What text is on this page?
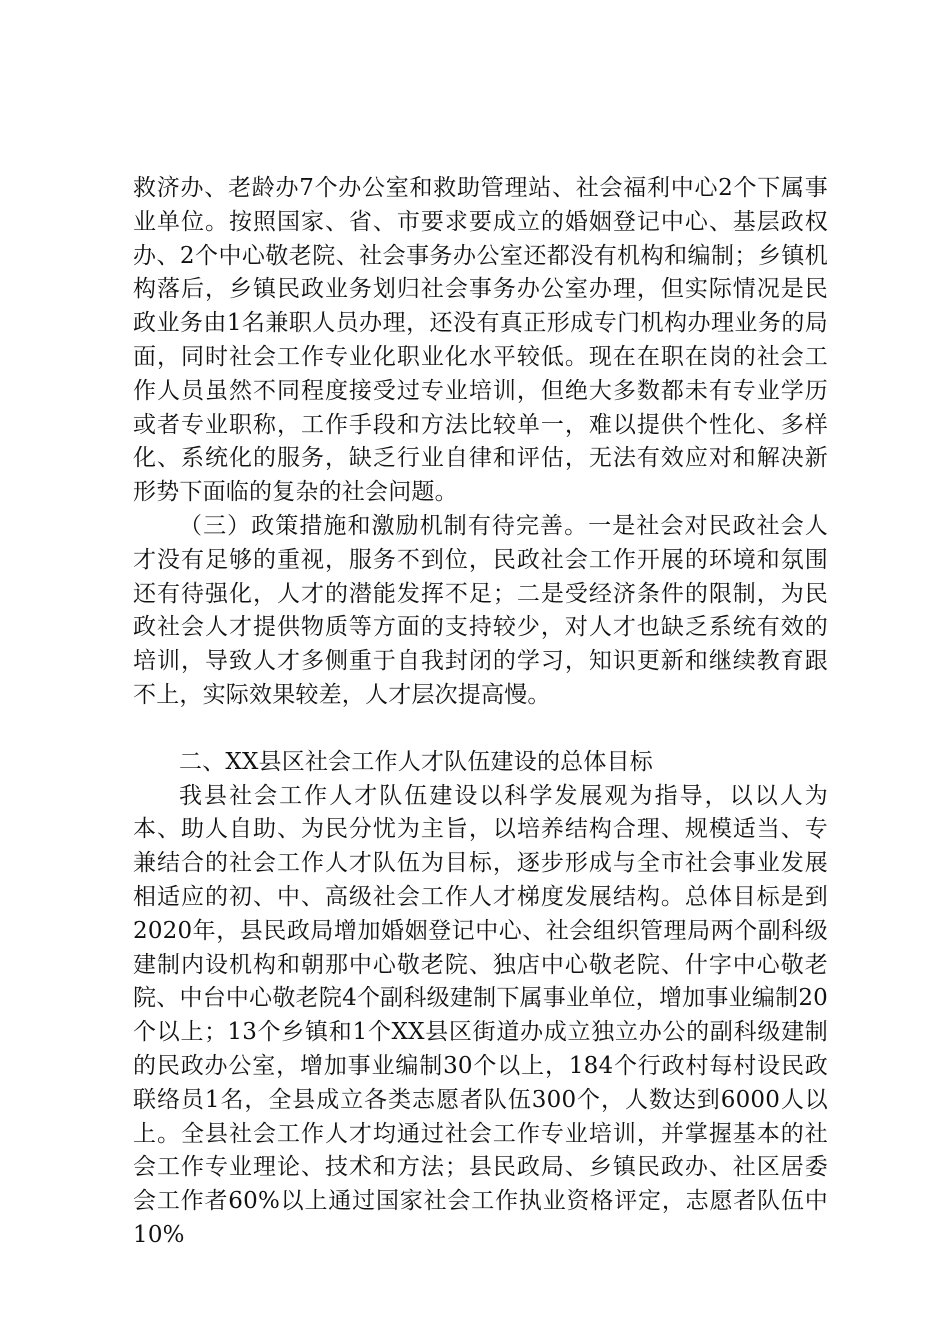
救济办、老龄办7个办公室和救助管理站、社会福利中心2个下属事业单位。按照国家、省、市要求要成立的婚姻登记中心、基层政权办、2个中心敬老院、社会事务办公室还都没有机构和编制；乡镇机构落后，乡镇民政业务划归社会事务办公室办理，但实际情况是民政业务由1名兼职人员办理，还没有真正形成专门机构办理业务的局面，同时社会工作专业化职业化水平较低。现在在职在岗的社会工作人员虽然不同程度接受过专业培训，但绝大多数都未有专业学历或者专业职称，工作手段和方法比较单一，难以提供个性化、多样化、系统化的服务，缺乏行业自律和评估，无法有效应对和解决新形势下面临的复杂的社会问题。

（三）政策措施和激励机制有待完善。一是社会对民政社会人才没有足够的重视，服务不到位，民政社会工作开展的环境和氛围还有待强化，人才的潜能发挥不足；二是受经济条件的限制，为民政社会人才提供物质等方面的支持较少，对人才也缺乏系统有效的培训，导致人才多侧重于自我封闭的学习，知识更新和继续教育跟不上，实际效果较差，人才层次提高慢。

二、XX县区社会工作人才队伍建设的总体目标

我县社会工作人才队伍建设以科学发展观为指导，以以人为本、助人自助、为民分忧为主旨，以培养结构合理、规模适当、专兼结合的社会工作人才队伍为目标，逐步形成与全市社会事业发展相适应的初、中、高级社会工作人才梯度发展结构。总体目标是到2020年，县民政局增加婚姻登记中心、社会组织管理局两个副科级建制内设机构和朝那中心敬老院、独店中心敬老院、什字中心敬老院、中台中心敬老院4个副科级建制下属事业单位，增加事业编制20个以上；13个乡镇和1个XX县区街道办成立独立办公的副科级建制的民政办公室，增加事业编制30个以上，184个行政村每村设民政联络员1名，全县成立各类志愿者队伍300个，人数达到6000人以上。全县社会工作人才均通过社会工作专业培训，并掌握基本的社会工作专业理论、技术和方法；县民政局、乡镇民政办、社区居委会工作者60%以上通过国家社会工作执业资格评定，志愿者队伍中10%
